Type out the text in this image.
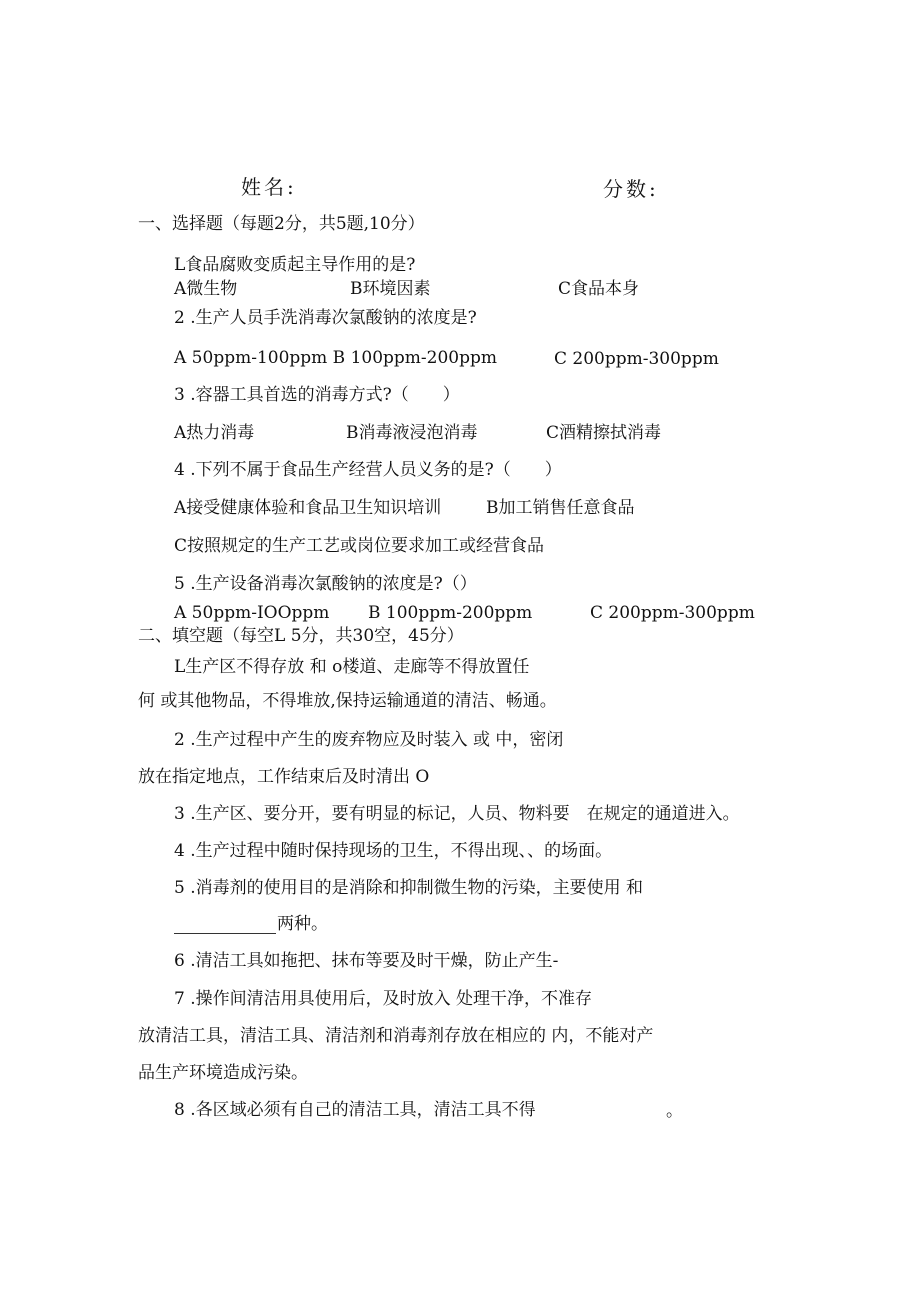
姓名:	分数:
一、选择题（每题2分，共5题,10分）
L食品腐败变质起主导作用的是?
A微生物	B环境因素	C食品本身
2 .生产人员手洗消毒次氯酸钠的浓度是?
A 50ppm-100ppm B 100ppm-200ppm	C 200ppm-300ppm
3 .容器工具首选的消毒方式?（　　）
A热力消毒	B消毒液浸泡消毒	C酒精擦拭消毒
4 .下列不属于食品生产经营人员义务的是?（　　）
A接受健康体验和食品卫生知识培训	B加工销售任意食品
C按照规定的生产工艺或岗位要求加工或经营食品
5 .生产设备消毒次氯酸钠的浓度是?（）
A 50ppm-IOOppm B 100ppm-200ppm	C 200ppm-300ppm
二、填空题（每空L 5分，共30空，45分）
L生产区不得存放 和 o楼道、走廊等不得放置任
何 或其他物品，不得堆放,保持运输通道的清洁、畅通。
2 .生产过程中产生的废弃物应及时装入 或 中，密闭
放在指定地点，工作结束后及时清出 O
3 .生产区、要分开，要有明显的标记，人员、物料要　在规定的通道进入。
4 .生产过程中随时保持现场的卫生，不得出现、、的场面。
5 .消毒剂的使用目的是消除和抑制微生物的污染，主要使用 和
两种。
6 .清洁工具如拖把、抹布等要及时干燥，防止产生-
7 .操作间清洁用具使用后，及时放入 处理干净，不准存
放清洁工具，清洁工具、清洁剂和消毒剂存放在相应的 内，不能对产
品生产环境造成污染。
8 .各区域必须有自己的清洁工具，清洁工具不得	。
